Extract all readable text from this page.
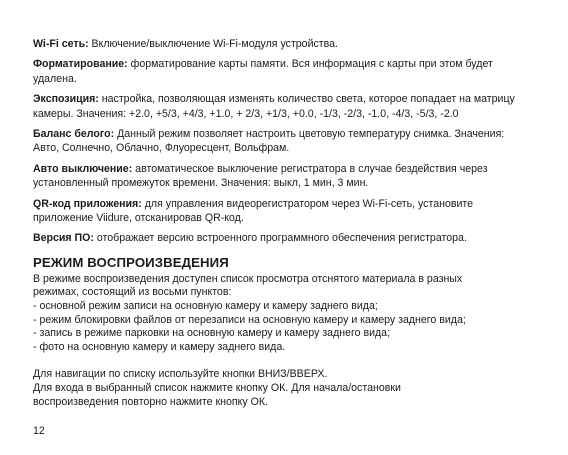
Wi-Fi сеть: Включение/выключение Wi-Fi-модуля устройства.

Форматирование: форматирование карты памяти. Вся информация с карты при этом будет удалена.

Экспозиция: настройка, позволяющая изменять количество света, которое попадает на матрицу камеры. Значения: +2.0, +5/3, +4/3, +1.0, + 2/3, +1/3, +0.0, -1/3, -2/3, -1.0, -4/3, -5/3, -2.0

Баланс белого: Данный режим позволяет настроить цветовую температуру снимка. Значения: Авто, Солнечно, Облачно, Флуоресцент, Вольфрам.

Авто выключение: автоматическое выключение регистратора в случае бездействия через установленный промежуток времени. Значения: выкл, 1 мин, 3 мин.

QR-код приложения: для управления видеорегистратором через Wi-Fi-сеть, установите приложение Viidure, отсканировав QR-код.

Версия ПО: отображает версию встроенного программного обеспечения регистратора.

РЕЖИМ ВОСПРОИЗВЕДЕНИЯ
В режиме воспроизведения доступен список просмотра отснятого материала в разных
режимах, состоящий из восьми пунктов:
- основной режим записи на основную камеру и камеру заднего вида;
- режим блокировки файлов от перезаписи на основную камеру и камеру заднего вида;
- запись в режиме парковки на основную камеру и камеру заднего вида;
- фото на основную камеру и камеру заднего вида.
Для навигации по списку используйте кнопки ВНИЗ/ВВЕРХ.
Для входа в выбранный список нажмите кнопку ОК. Для начала/остановки
воспроизведения повторно нажмите кнопку ОК.
12
